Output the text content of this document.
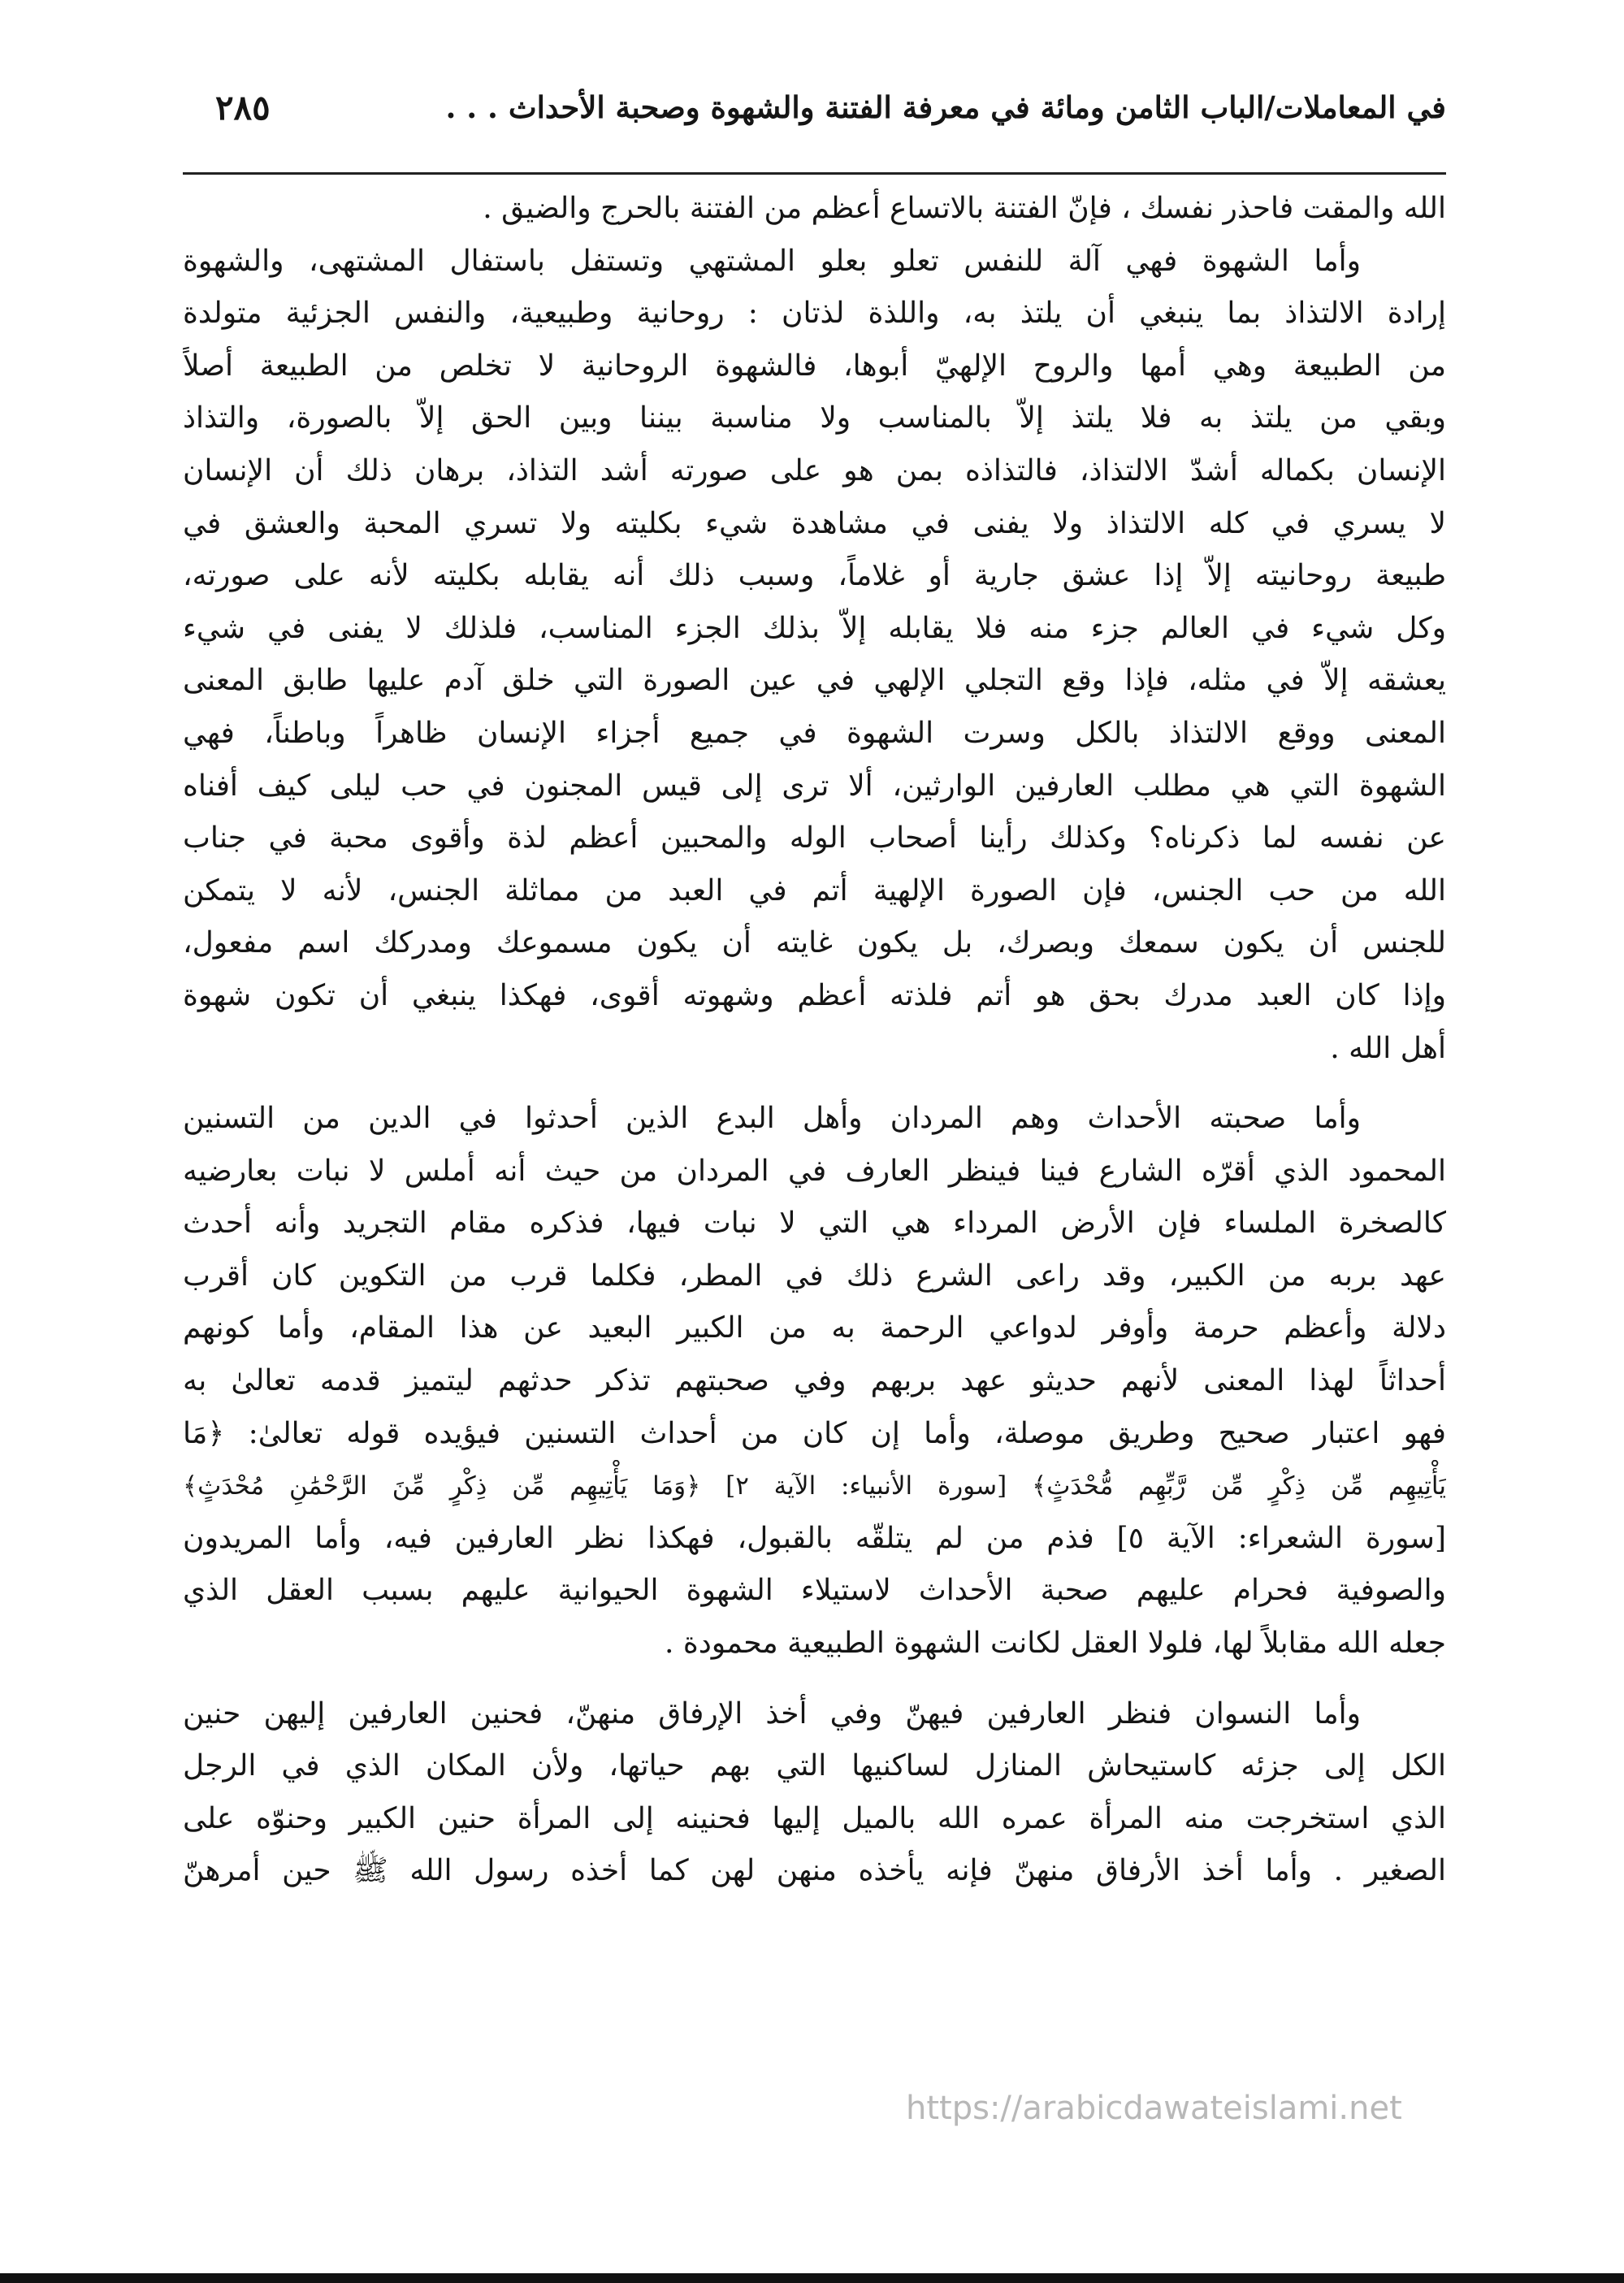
في المعاملات/الباب الثامن ومائة في معرفة الفتنة والشهوة وصحبة الأحداث . . .
٢٨٥

الله والمقت فاحذر نفسك ، فإنّ الفتنة بالاتساع أعظم من الفتنة بالحرج والضيق .

وأما الشهوة فهي آلة للنفس تعلو بعلو المشتهي وتستفل باستفال المشتهى، والشهوة

إرادة الالتذاذ بما ينبغي أن يلتذ به، واللذة لذتان : روحانية وطبيعية، والنفس الجزئية متولدة
من الطبيعة وهي أمها والروح الإلهيّ أبوها، فالشهوة الروحانية لا تخلص من الطبيعة أصلاً
وبقي من يلتذ به فلا يلتذ إلاّ بالمناسب ولا مناسبة بيننا وبين الحق إلاّ بالصورة، والتذاذ
الإنسان بكماله أشدّ الالتذاذ، فالتذاذه بمن هو على صورته أشد التذاذ، برهان ذلك أن الإنسان
لا يسري في كله الالتذاذ ولا يفنى في مشاهدة شيء بكليته ولا تسري المحبة والعشق في
طبيعة روحانيته إلاّ إذا عشق جارية أو غلاماً، وسبب ذلك أنه يقابله بكليته لأنه على صورته،
وكل شيء في العالم جزء منه فلا يقابله إلاّ بذلك الجزء المناسب، فلذلك لا يفنى في شيء
يعشقه إلاّ في مثله، فإذا وقع التجلي الإلهي في عين الصورة التي خلق آدم عليها طابق المعنى
المعنى ووقع الالتذاذ بالكل وسرت الشهوة في جميع أجزاء الإنسان ظاهراً وباطناً، فهي
الشهوة التي هي مطلب العارفين الوارثين، ألا ترى إلى قيس المجنون في حب ليلى كيف أفناه
عن نفسه لما ذكرناه؟ وكذلك رأينا أصحاب الوله والمحبين أعظم لذة وأقوى محبة في جناب
الله من حب الجنس، فإن الصورة الإلهية أتم في العبد من مماثلة الجنس، لأنه لا يتمكن
للجنس أن يكون سمعك وبصرك، بل يكون غايته أن يكون مسموعك ومدركك اسم مفعول،
وإذا كان العبد مدرك بحق هو أتم فلذته أعظم وشهوته أقوى، فهكذا ينبغي أن تكون شهوة
أهل الله .

وأما صحبته الأحداث وهم المردان وأهل البدع الذين أحدثوا في الدين من التسنين
المحمود الذي أقرّه الشارع فينا فينظر العارف في المردان من حيث أنه أملس لا نبات بعارضيه
كالصخرة الملساء فإن الأرض المرداء هي التي لا نبات فيها، فذكره مقام التجريد وأنه أحدث
عهد بربه من الكبير، وقد راعى الشرع ذلك في المطر، فكلما قرب من التكوين كان أقرب
دلالة وأعظم حرمة وأوفر لدواعي الرحمة به من الكبير البعيد عن هذا المقام، وأما كونهم
أحداثاً لهذا المعنى لأنهم حديثو عهد بربهم وفي صحبتهم تذكر حدثهم ليتميز قدمه تعالىٰ به
فهو اعتبار صحيح وطريق موصلة، وأما إن كان من أحداث التسنين فيؤيده قوله تعالىٰ: ﴿مَا
يَأْتِيهِم مِّن ذِكْرٍ مِّن رَّبِّهِم مُّحْدَثٍ﴾ [سورة الأنبياء: الآية ٢] ﴿وَمَا يَأْتِيهِم مِّن ذِكْرٍ مِّنَ الرَّحْمَٰنِ مُحْدَثٍ﴾
[سورة الشعراء: الآية ٥] فذم من لم يتلقّه بالقبول، فهكذا نظر العارفين فيه، وأما المريدون
والصوفية فحرام عليهم صحبة الأحداث لاستيلاء الشهوة الحيوانية عليهم بسبب العقل الذي
جعله الله مقابلاً لها، فلولا العقل لكانت الشهوة الطبيعية محمودة .

وأما النسوان فنظر العارفين فيهنّ وفي أخذ الإرفاق منهنّ، فحنين العارفين إليهن حنين
الكل إلى جزئه كاستيحاش المنازل لساكنيها التي بهم حياتها، ولأن المكان الذي في الرجل
الذي استخرجت منه المرأة عمره الله بالميل إليها فحنينه إلى المرأة حنين الكبير وحنوّه على
الصغير . وأما أخذ الأرفاق منهنّ فإنه يأخذه منهن لهن كما أخذه رسول الله ﷺ حين أمرهنّ

https://arabicdawateislami.net
